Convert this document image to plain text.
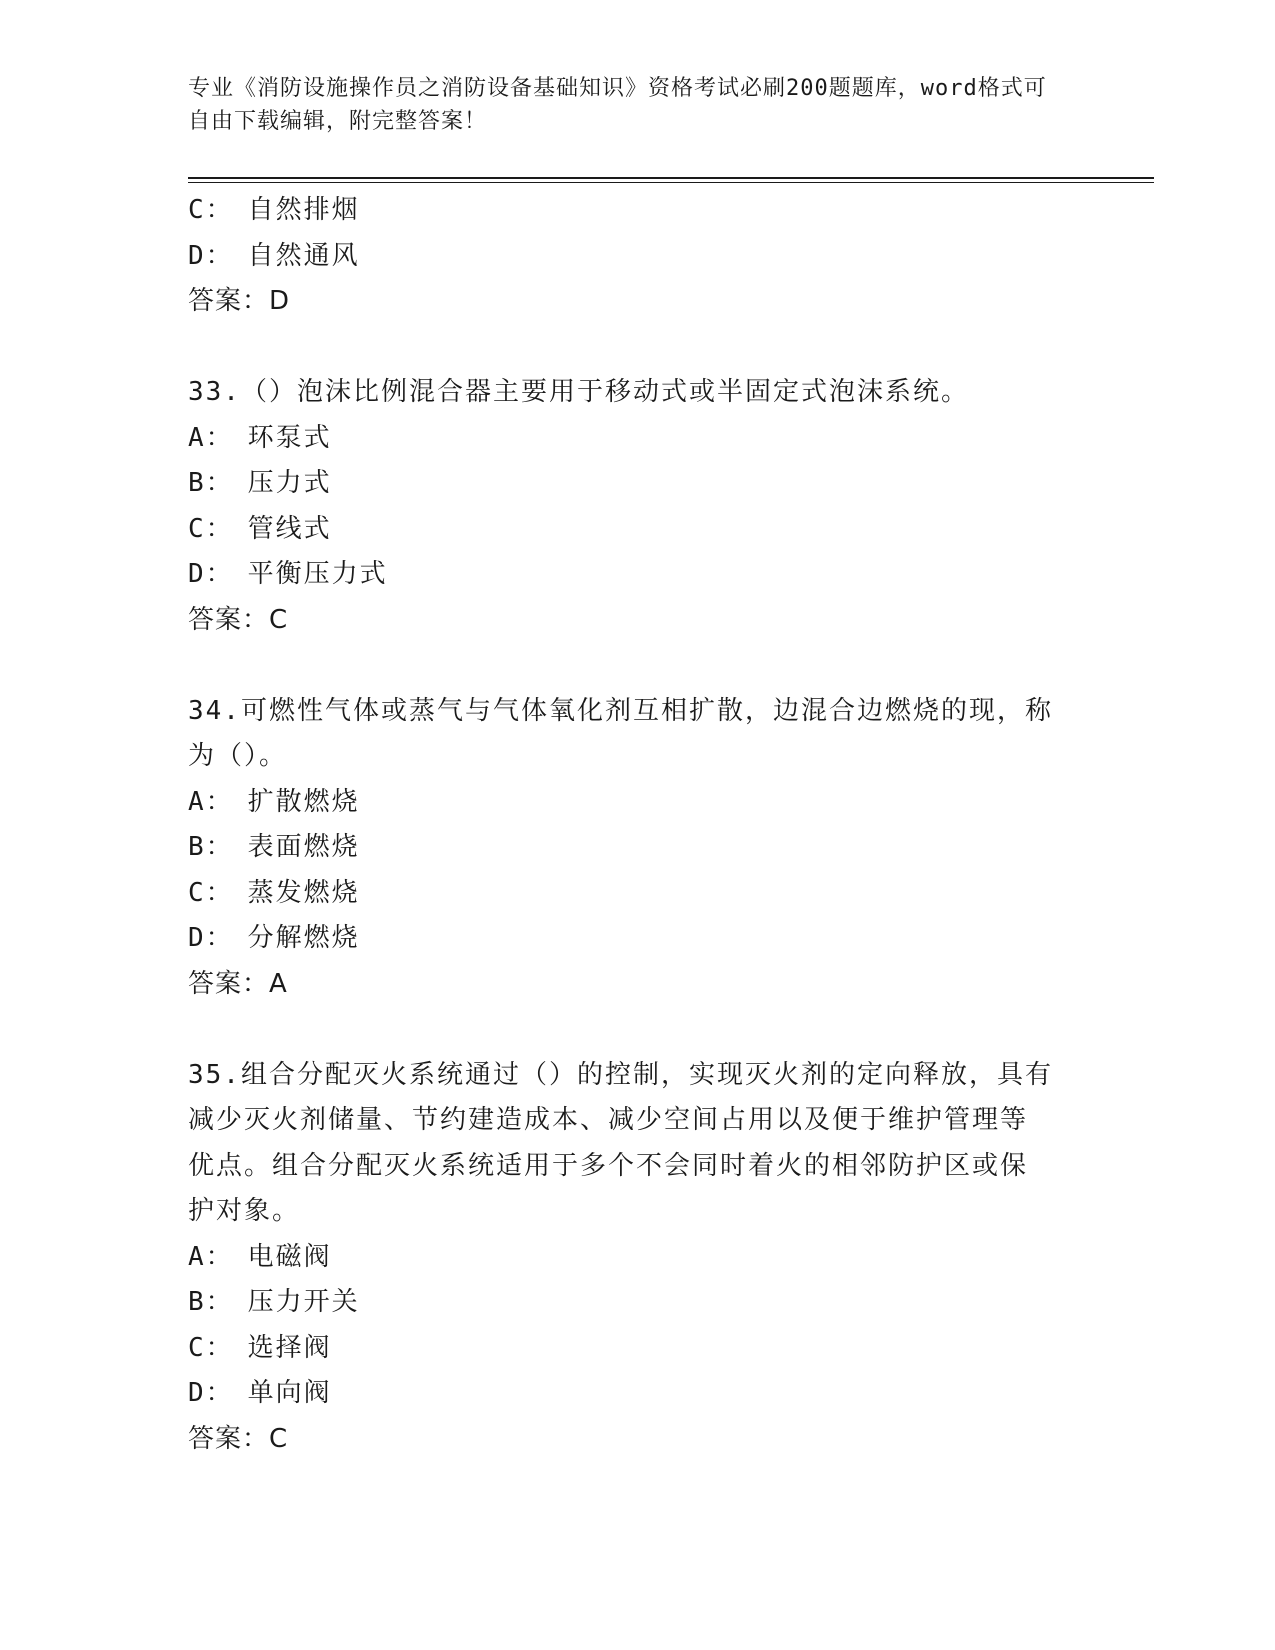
专业《消防设施操作员之消防设备基础知识》资格考试必刷200题题库，word格式可自由下载编辑，附完整答案！
C： 自然排烟
D： 自然通风
答案：D
33.（）泡沫比例混合器主要用于移动式或半固定式泡沫系统。
A： 环泵式
B： 压力式
C： 管线式
D： 平衡压力式
答案：C
34.可燃性气体或蒸气与气体氧化剂互相扩散，边混合边燃烧的现，称
为（）。
A： 扩散燃烧
B： 表面燃烧
C： 蒸发燃烧
D： 分解燃烧
答案：A
35.组合分配灭火系统通过（）的控制，实现灭火剂的定向释放，具有
减少灭火剂储量、节约建造成本、减少空间占用以及便于维护管理等
优点。组合分配灭火系统适用于多个不会同时着火的相邻防护区或保
护对象。
A： 电磁阀
B： 压力开关
C： 选择阀
D： 单向阀
答案：C
